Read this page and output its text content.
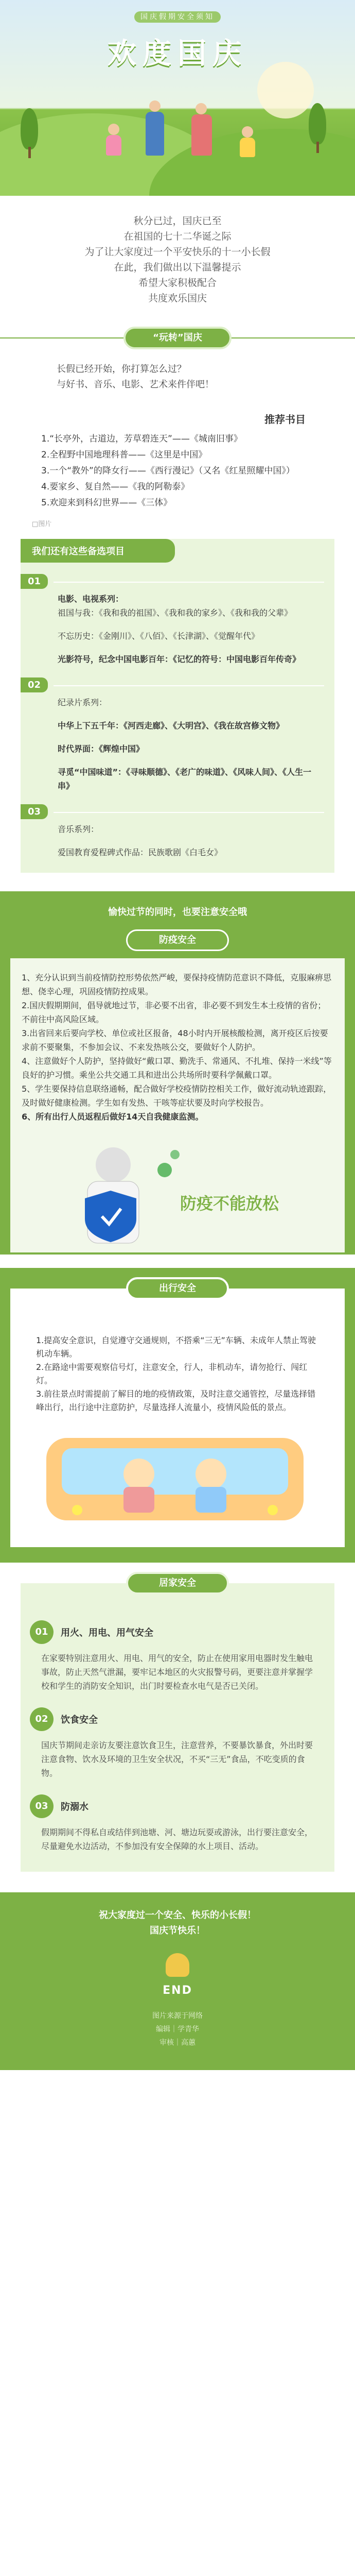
国庆假期安全须知
欢度国庆

秋分已过，国庆已至

在祖国的七十二华诞之际

为了让大家度过一个平安快乐的十一小长假

在此，我们做出以下温馨提示

希望大家积极配合

共度欢乐国庆

“玩转”国庆

长假已经开始，你打算怎么过？

与好书、音乐、电影、艺术来件伴吧！

推荐书目

1.“长亭外，古道边，芳草碧连天”——《城南旧事》

2.全程野中国地理科普——《这里是中国》

3.一个“教外”的降女行——《西行漫记》（又名《红星照耀中国》）

4.要家乡、复自然——《我的阿勒泰》

5.欢迎来到科幻世界——《三体》

□图片
我们还有这些备选项目
01

电影、电视系列：

祖国与我：《我和我的祖国》、《我和我的家乡》、《我和我的父辈》

不忘历史：《金刚川》、《八佰》、《长津湖》、《觉醒年代》

光影符号，纪念中国电影百年：《记忆的符号：中国电影百年传奇》

02

纪录片系列：

中华上下五千年：《河西走廊》、《大明宫》、《我在故宫修文物》

时代界面：《辉煌中国》

寻觅“中国味道”：《寻味顺德》、《老广的味道》、《风味人间》、《人生一串》

03

音乐系列：

爱国教育爱程碑式作品：民族歌剧《白毛女》

愉快过节的同时，也要注意安全哦
防疫安全

1、充分认识到当前疫情防控形势依然严峻，要保持疫情防范意识不降低，克服麻痹思想、侥幸心理，巩固疫情防控成果。

2.国庆假期期间，倡导就地过节，非必要不出省，非必要不到发生本土疫情的省份；不前往中高风险区域。

3.出省回来后要向学校、单位或社区报备，48小时内开展核酸检测，离开疫区后按要求前不要聚集，不参加会议、不来发热咳公交，要做好个人防护。

4、注意做好个人防护，坚持做好“戴口罩、勤洗手、常通风、不扎堆、保持一米线”等良好的护习惯。乘坐公共交通工具和进出公共场所时要科学佩戴口罩。

5、学生要保持信息联络通畅，配合做好学校疫情防控相关工作，做好流动轨迹跟踪，及时做好健康检测。学生如有发热、干咳等症状要及时向学校报告。

6、所有出行人员返程后做好14天自我健康监测。

防疫不能放松
出行安全

1.提高安全意识，自觉遵守交通规则，不搭乘“三无”车辆、未成年人禁止驾驶机动车辆。

2.在路途中需要观察信号灯，注意安全，行人，非机动车，请勿抢行、闯红灯。

3.前往景点时需提前了解目的地的疫情政策，及时注意交通管控，尽量选择错峰出行，出行途中注意防护，尽量选择人流量小，疫情风险低的景点。

居家安全
01	用火、用电、用气安全
在家要特别注意用火、用电、用气的安全，防止在使用家用电器时发生触电事故，防止天然气泄漏，要牢记本地区的火灾报警号码，更要注意并掌握学校和学生的消防安全知识，出门时要检查水电气是否已关闭。
02	饮食安全
国庆节期间走亲访友要注意饮食卫生，注意营养，不要暴饮暴食，外出时要注意食物、饮水及环境的卫生安全状况，不买“三无”食品，不吃变质的食物。
03	防溺水
假期期间不得私自或结伴到池塘、河、塘边玩耍或游泳，出行要注意安全，尽量避免水边活动，不参加没有安全保障的水上项目、活动。
祝大家度过一个安全、快乐的小长假！
国庆节快乐！
END

图片来源于网络

编辑｜学青华

审核｜高蕙
